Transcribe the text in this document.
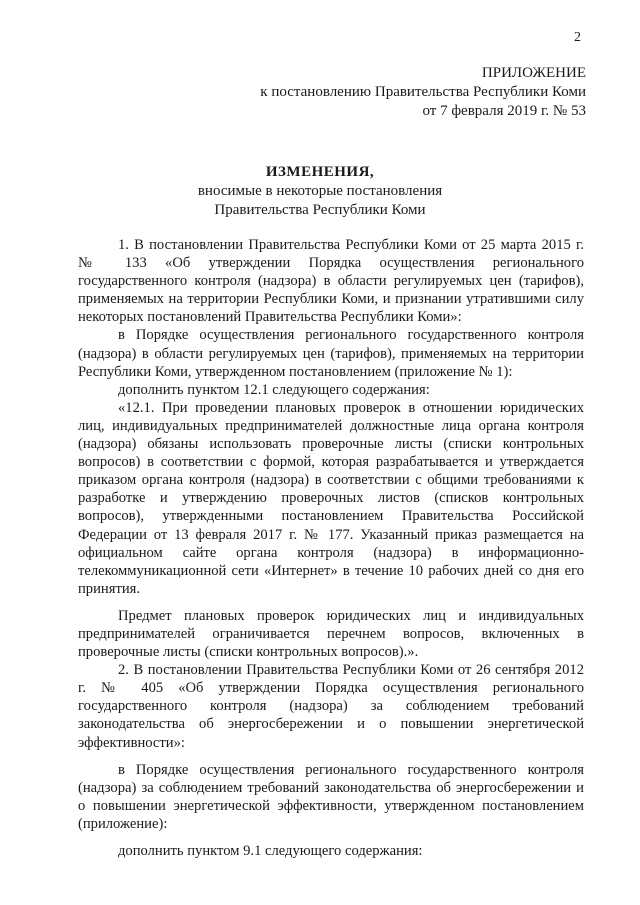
2
ПРИЛОЖЕНИЕ
к постановлению Правительства Республики Коми
от 7 февраля 2019 г. № 53
ИЗМЕНЕНИЯ,
вносимые в некоторые постановления
Правительства Республики Коми

1. В постановлении Правительства Республики Коми от 25 марта 2015 г. № 133 «Об утверждении Порядка осуществления регионального государственного контроля (надзора) в области регулируемых цен (тарифов), применяемых на территории Республики Коми, и признании утратившими силу некоторых постановлений Правительства Республики Коми»:

в Порядке осуществления регионального государственного контроля (надзора) в области регулируемых цен (тарифов), применяемых на территории Республики Коми, утвержденном постановлением (приложение № 1):

дополнить пунктом 12.1 следующего содержания:

«12.1. При проведении плановых проверок в отношении юридических лиц, индивидуальных предпринимателей должностные лица органа контроля (надзора) обязаны использовать проверочные листы (списки контрольных вопросов) в соответствии с формой, которая разрабатывается и утверждается приказом органа контроля (надзора) в соответствии с общими требованиями к разработке и утверждению проверочных листов (списков контрольных вопросов), утвержденными постановлением Правительства Российской Федерации от 13 февраля 2017 г. № 177. Указанный приказ размещается на официальном сайте органа контроля (надзора) в информационно-телекоммуникационной сети «Интернет» в течение 10 рабочих дней со дня его принятия.

Предмет плановых проверок юридических лиц и индивидуальных предпринимателей ограничивается перечнем вопросов, включенных в проверочные листы (списки контрольных вопросов).».

2. В постановлении Правительства Республики Коми от 26 сентября 2012 г. № 405 «Об утверждении Порядка осуществления регионального государственного контроля (надзора) за соблюдением требований законодательства об энергосбережении и о повышении энергетической эффективности»:

в Порядке осуществления регионального государственного контроля (надзора) за соблюдением требований законодательства об энергосбережении и о повышении энергетической эффективности, утвержденном постановлением (приложение):

дополнить пунктом 9.1 следующего содержания:
